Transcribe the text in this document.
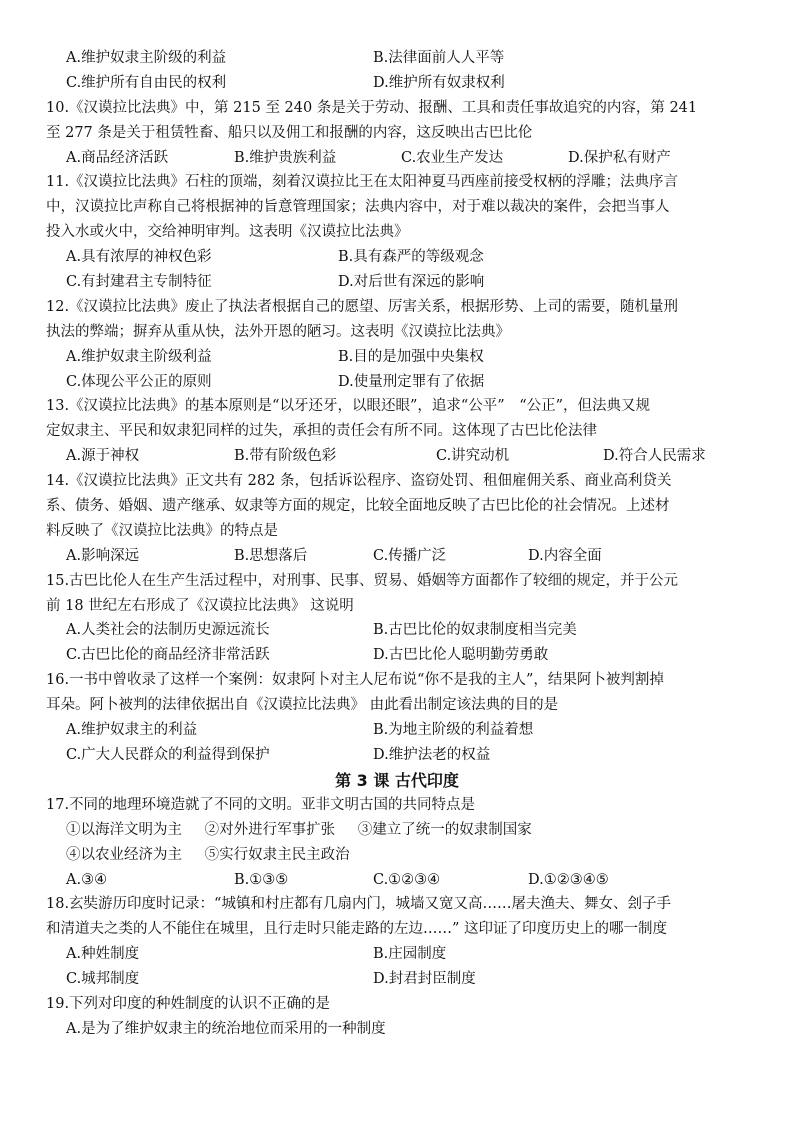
A.维护奴隶主阶级的利益	B.法律面前人人平等
C.维护所有自由民的权利	D.维护所有奴隶权利
10.《汉谟拉比法典》中，第 215 至 240 条是关于劳动、报酬、工具和责任事故追究的内容，第 241
至 277 条是关于租赁牲畜、船只以及佣工和报酬的内容，这反映出古巴比伦
A.商品经济活跃	B.维护贵族利益	C.农业生产发达	D.保护私有财产
11.《汉谟拉比法典》石柱的顶端，刻着汉谟拉比王在太阳神夏马西座前接受权柄的浮雕；法典序言
中，汉谟拉比声称自己将根据神的旨意管理国家；法典内容中，对于难以裁决的案件，会把当事人
投入水或火中，交给神明审判。这表明《汉谟拉比法典》
A.具有浓厚的神权色彩	B.具有森严的等级观念
C.有封建君主专制特征	D.对后世有深远的影响
12.《汉谟拉比法典》废止了执法者根据自己的愿望、厉害关系，根据形势、上司的需要，随机量刑
执法的弊端；摒弃从重从快，法外开恩的陋习。这表明《汉谟拉比法典》
A.维护奴隶主阶级利益	B.目的是加强中央集权
C.体现公平公正的原则	D.使量刑定罪有了依据
13.《汉谟拉比法典》的基本原则是“以牙还牙，以眼还眼”，追求“公平”　“公正”，但法典又规
定奴隶主、平民和奴隶犯同样的过失，承担的责任会有所不同。这体现了古巴比伦法律
A.源于神权	B.带有阶级色彩	C.讲究动机	D.符合人民需求
14.《汉谟拉比法典》正文共有 282 条，包括诉讼程序、盗窃处罚、租佃雇佣关系、商业高利贷关
系、债务、婚姻、遗产继承、奴隶等方面的规定，比较全面地反映了古巴比伦的社会情况。上述材
料反映了《汉谟拉比法典》的特点是
A.影响深远	B.思想落后	C.传播广泛	D.内容全面
15.古巴比伦人在生产生活过程中，对刑事、民事、贸易、婚姻等方面都作了较细的规定，并于公元
前 18 世纪左右形成了《汉谟拉比法典》 这说明
A.人类社会的法制历史源远流长	B.古巴比伦的奴隶制度相当完美
C.古巴比伦的商品经济非常活跃	D.古巴比伦人聪明勤劳勇敢
16.一书中曾收录了这样一个案例：奴隶阿卜对主人尼布说“你不是我的主人”，结果阿卜被判割掉
耳朵。阿卜被判的法律依据出自《汉谟拉比法典》 由此看出制定该法典的目的是
A.维护奴隶主的利益	B.为地主阶级的利益着想
C.广大人民群众的利益得到保护	D.维护法老的权益
第 3 课 古代印度
17.不同的地理环境造就了不同的文明。亚非文明古国的共同特点是
①以海洋文明为主 ②对外进行军事扩张 ③建立了统一的奴隶制国家
④以农业经济为主 ⑤实行奴隶主民主政治
A.③④	B.①③⑤	C.①②③④	D.①②③④⑤
18.玄奘游历印度时记录：“城镇和村庄都有几扇内门，城墙又宽又高……屠夫渔夫、舞女、刽子手
和清道夫之类的人不能住在城里，且行走时只能走路的左边……” 这印证了印度历史上的哪一制度
A.种姓制度	B.庄园制度
C.城邦制度	D.封君封臣制度
19.下列对印度的种姓制度的认识不正确的是
A.是为了维护奴隶主的统治地位而采用的一种制度
